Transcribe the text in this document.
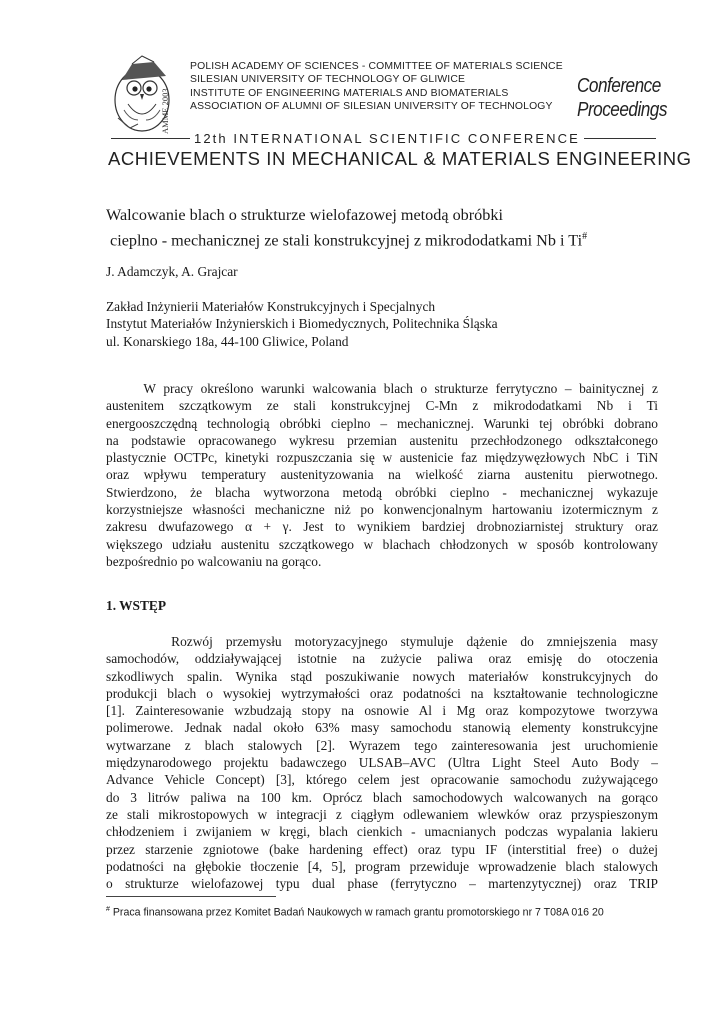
AMME 2003
POLISH ACADEMY OF SCIENCES - COMMITTEE OF MATERIALS SCIENCE
SILESIAN UNIVERSITY OF TECHNOLOGY OF GLIWICE
INSTITUTE OF ENGINEERING MATERIALS AND BIOMATERIALS
ASSOCIATION OF ALUMNI OF SILESIAN UNIVERSITY OF TECHNOLOGY
Conference
Proceedings
12th INTERNATIONAL SCIENTIFIC CONFERENCE
ACHIEVEMENTS IN MECHANICAL & MATERIALS ENGINEERING
Walcowanie blach o strukturze wielofazowej metodą obróbki
cieplno - mechanicznej ze stali konstrukcyjnej z mikrododatkami Nb i Ti#
J. Adamczyk, A. Grajcar
Zakład Inżynierii Materiałów Konstrukcyjnych i Specjalnych
Instytut Materiałów Inżynierskich i Biomedycznych, Politechnika Śląska
ul. Konarskiego 18a, 44-100 Gliwice, Poland
W pracy określono warunki walcowania blach o strukturze ferrytyczno – bainitycznej z
austenitem szczątkowym ze stali konstrukcyjnej C-Mn z mikrododatkami Nb i Ti
energooszczędną technologią obróbki cieplno – mechanicznej. Warunki tej obróbki dobrano
na podstawie opracowanego wykresu przemian austenitu przechłodzonego odkształconego
plastycznie OCTPc, kinetyki rozpuszczania się w austenicie faz międzywęzłowych NbC i TiN
oraz wpływu temperatury austenityzowania na wielkość ziarna austenitu pierwotnego.
Stwierdzono, że blacha wytworzona metodą obróbki cieplno - mechanicznej wykazuje
korzystniejsze własności mechaniczne niż po konwencjonalnym hartowaniu izotermicznym z
zakresu dwufazowego α + γ. Jest to wynikiem bardziej drobnoziarnistej struktury oraz
większego udziału austenitu szczątkowego w blachach chłodzonych w sposób kontrolowany
bezpośrednio po walcowaniu na gorąco.
1. WSTĘP
Rozwój przemysłu motoryzacyjnego stymuluje dążenie do zmniejszenia masy
samochodów, oddziaływającej istotnie na zużycie paliwa oraz emisję do otoczenia
szkodliwych spalin. Wynika stąd poszukiwanie nowych materiałów konstrukcyjnych do
produkcji blach o wysokiej wytrzymałości oraz podatności na kształtowanie technologiczne
[1]. Zainteresowanie wzbudzają stopy na osnowie Al i Mg oraz kompozytowe tworzywa
polimerowe. Jednak nadal około 63% masy samochodu stanowią elementy konstrukcyjne
wytwarzane z blach stalowych [2]. Wyrazem tego zainteresowania jest uruchomienie
międzynarodowego projektu badawczego ULSAB–AVC (Ultra Light Steel Auto Body –
Advance Vehicle Concept) [3], którego celem jest opracowanie samochodu zużywającego
do 3 litrów paliwa na 100 km. Oprócz blach samochodowych walcowanych na gorąco
ze stali mikrostopowych w integracji z ciągłym odlewaniem wlewków oraz przyspieszonym
chłodzeniem i zwijaniem w kręgi, blach cienkich - umacnianych podczas wypalania lakieru
przez starzenie zgniotowe (bake hardening effect) oraz typu IF (interstitial free) o dużej
podatności na głębokie tłoczenie [4, 5], program przewiduje wprowadzenie blach stalowych
o strukturze wielofazowej typu dual phase (ferrytyczno – martenzytycznej) oraz TRIP
# Praca finansowana przez Komitet Badań Naukowych w ramach grantu promotorskiego nr 7 T08A 016 20
